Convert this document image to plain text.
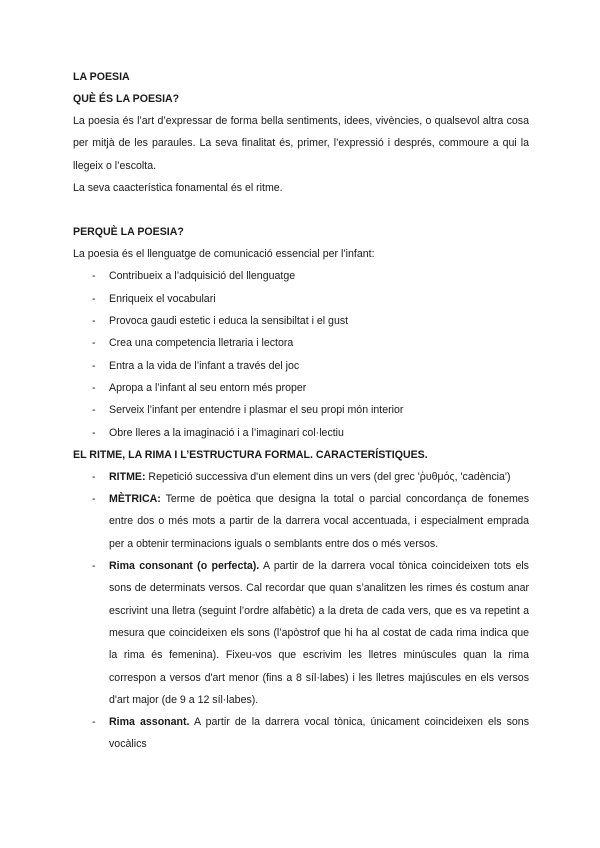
LA POESIA
QUÈ ÉS LA POESIA?
La poesia és l’art d’expressar de forma bella sentiments, idees, vivències, o qualsevol altra cosa per mitjà de les paraules. La seva finalitat és, primer, l’expressió i després, commoure a qui la llegeix o l’escolta.
La seva caacterística fonamental és el ritme.
PERQUÈ LA POESIA?
La poesia és el llenguatge de comunicació essencial per l’infant:
- Contribueix a l’adquisició del llenguatge
- Enriqueix el vocabulari
- Provoca gaudi estetic i educa la sensibiltat i el gust
- Crea una competencia lletraria i lectora
- Entra a la vida de l’infant a través del joc
- Apropa a l’infant al seu entorn més proper
- Serveix l’infant per entendre i plasmar el seu propi món interior
- Obre lleres a la imaginació i a l’imaginari col·lectiu
EL RITME, LA RIMA I L’ESTRUCTURA FORMAL. CARACTERÍSTIQUES.
- RITME: Repetició successiva d'un element dins un vers (del grec 'ῥυθμός, 'cadència')
- MÈTRICA: Terme de poètica que designa la total o parcial concordança de fonemes entre dos o més mots a partir de la darrera vocal accentuada, i especialment emprada per a obtenir terminacions iguals o semblants entre dos o més versos.
- Rima consonant (o perfecta). A partir de la darrera vocal tònica coincideixen tots els sons de determinats versos. Cal recordar que quan s’analitzen les rimes és costum anar escrivint una lletra (seguint l’ordre alfabètic) a la dreta de cada vers, que es va repetint a mesura que coincideixen els sons (l’apòstrof que hi ha al costat de cada rima indica que la rima és femenina). Fixeu-vos que escrivim les lletres minúscules quan la rima correspon a versos d'art menor (fins a 8 síl·labes) i les lletres majúscules en els versos d'art major (de 9 a 12 síl·labes).
- Rima assonant. A partir de la darrera vocal tònica, únicament coincideixen els sons vocàlics
